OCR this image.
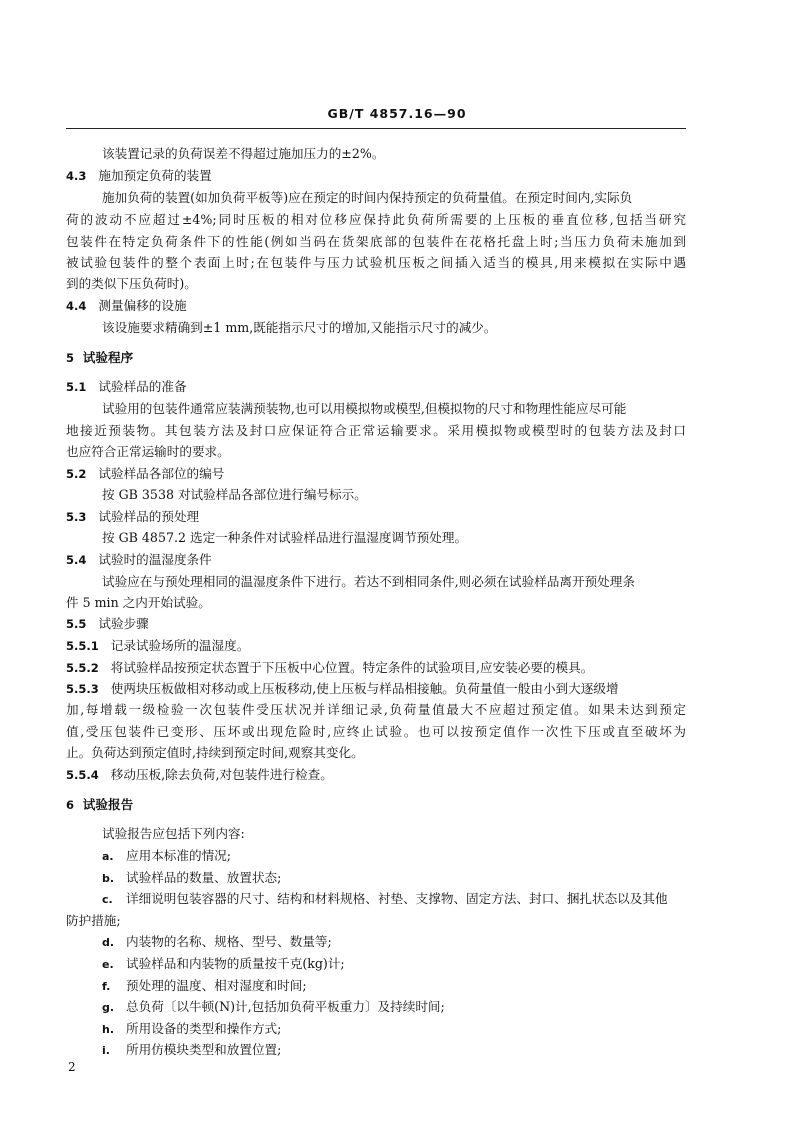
GB/T 4857.16—90
该装置记录的负荷误差不得超过施加压力的±2%。
4.3 施加预定负荷的装置
施加负荷的装置(如加负荷平板等)应在预定的时间内保持预定的负荷量值。在预定时间内,实际负
荷的波动不应超过±4%;同时压板的相对位移应保持此负荷所需要的上压板的垂直位移,包括当研究
包装件在特定负荷条件下的性能(例如当码在货架底部的包装件在花格托盘上时;当压力负荷未施加到
被试验包装件的整个表面上时;在包装件与压力试验机压板之间插入适当的模具,用来模拟在实际中遇
到的类似下压负荷时)。
4.4 测量偏移的设施
该设施要求精确到±1 mm,既能指示尺寸的增加,又能指示尺寸的减少。
5 试验程序
5.1 试验样品的准备
试验用的包装件通常应装满预装物,也可以用模拟物或模型,但模拟物的尺寸和物理性能应尽可能
地接近预装物。其包装方法及封口应保证符合正常运输要求。采用模拟物或模型时的包装方法及封口
也应符合正常运输时的要求。
5.2 试验样品各部位的编号
按 GB 3538 对试验样品各部位进行编号标示。
5.3 试验样品的预处理
按 GB 4857.2 选定一种条件对试验样品进行温湿度调节预处理。
5.4 试验时的温湿度条件
试验应在与预处理相同的温湿度条件下进行。若达不到相同条件,则必须在试验样品离开预处理条
件 5 min 之内开始试验。
5.5 试验步骤
5.5.1 记录试验场所的温湿度。
5.5.2 将试验样品按预定状态置于下压板中心位置。特定条件的试验项目,应安装必要的模具。
5.5.3 使两块压板做相对移动或上压板移动,使上压板与样品相接触。负荷量值一般由小到大逐级增
加,每增载一级检验一次包装件受压状况并详细记录,负荷量值最大不应超过预定值。如果未达到预定
值,受压包装件已变形、压坏或出现危险时,应终止试验。也可以按预定值作一次性下压或直至破坏为
止。负荷达到预定值时,持续到预定时间,观察其变化。
5.5.4 移动压板,除去负荷,对包装件进行检查。
6 试验报告
试验报告应包括下列内容:
a. 应用本标准的情况;
b. 试验样品的数量、放置状态;
c. 详细说明包装容器的尺寸、结构和材料规格、衬垫、支撑物、固定方法、封口、捆扎状态以及其他
防护措施;
d. 内装物的名称、规格、型号、数量等;
e. 试验样品和内装物的质量按千克(kg)计;
f. 预处理的温度、相对湿度和时间;
g. 总负荷〔以牛顿(N)计,包括加负荷平板重力〕及持续时间;
h. 所用设备的类型和操作方式;
i. 所用仿模块类型和放置位置;
2
